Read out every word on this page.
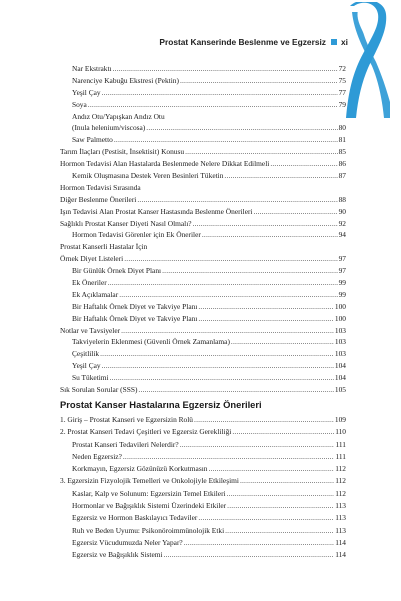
Prostat Kanserinde Beslenme ve Egzersiz xi
Nar Ekstraktı .....	72
Narenciye Kabuğu Ekstresi (Pektin) .....	75
Yeşil Çay .....	77
Soya .....	79
Andız Otu/Yapışkan Andız Otu
(Inula helenium/viscosa) .....	80
Saw Palmetto .....	81
Tarım İlaçları (Pestisit, İnsektisit) Konusu .....	85
Hormon Tedavisi Alan Hastalarda Beslenmede Nelere Dikkat Edilmeli .....	86
Kemik Oluşmasına Destek Veren Besinleri Tüketin .....	87
Hormon Tedavisi Sırasında
Diğer Beslenme Önerileri .....	88
Işın Tedavisi Alan Prostat Kanser Hastasında Beslenme Önerileri .....	90
Sağlıklı Prostat Kanser Diyeti Nasıl Olmalı? .....	92
Hormon Tedavisi Görenler için Ek Öneriler .....	94
Prostat Kanserli Hastalar İçin
Örnek Diyet Listeleri .....	97
Bir Günlük Örnek Diyet Planı .....	97
Ek Öneriler .....	99
Ek Açıklamalar .....	99
Bir Haftalık Örnek Diyet ve Takviye Planı .....	100
Bir Haftalık Örnek Diyet ve Takviye Planı .....	100
Notlar ve Tavsiyeler .....	103
Takviyelerin Eklenmesi (Güvenli Örnek Zamanlama) .....	103
Çeşitlilik .....	103
Yeşil Çay .....	104
Su Tüketimi .....	104
Sık Sorulan Sorular (SSS) .....	105
Prostat Kanser Hastalarına Egzersiz Önerileri
1. Giriş – Prostat Kanseri ve Egzersizin Rolü .....	109
2. Prostat Kanseri Tedavi Çeşitleri ve Egzersiz Gerekliliği .....	110
Prostat Kanseri Tedavileri Nelerdir? .....	111
Neden Egzersiz? .....	111
Korkmayın, Egzersiz Gözünüzü Korkutmasın .....	112
3. Egzersizin Fizyolojik Temelleri ve Onkolojiyle Etkileşimi .....	112
Kaslar, Kalp ve Solunum: Egzersizin Temel Etkileri .....	112
Hormonlar ve Bağışıklık Sistemi Üzerindeki Etkiler .....	113
Egzersiz ve Hormon Baskılayıcı Tedaviler .....	113
Ruh ve Beden Uyumu: Psikonöroimmünolojik Etki .....	113
Egzersiz Vücudumuzda Neler Yapar? .....	114
Egzersiz ve Bağışıklık Sistemi .....	114
